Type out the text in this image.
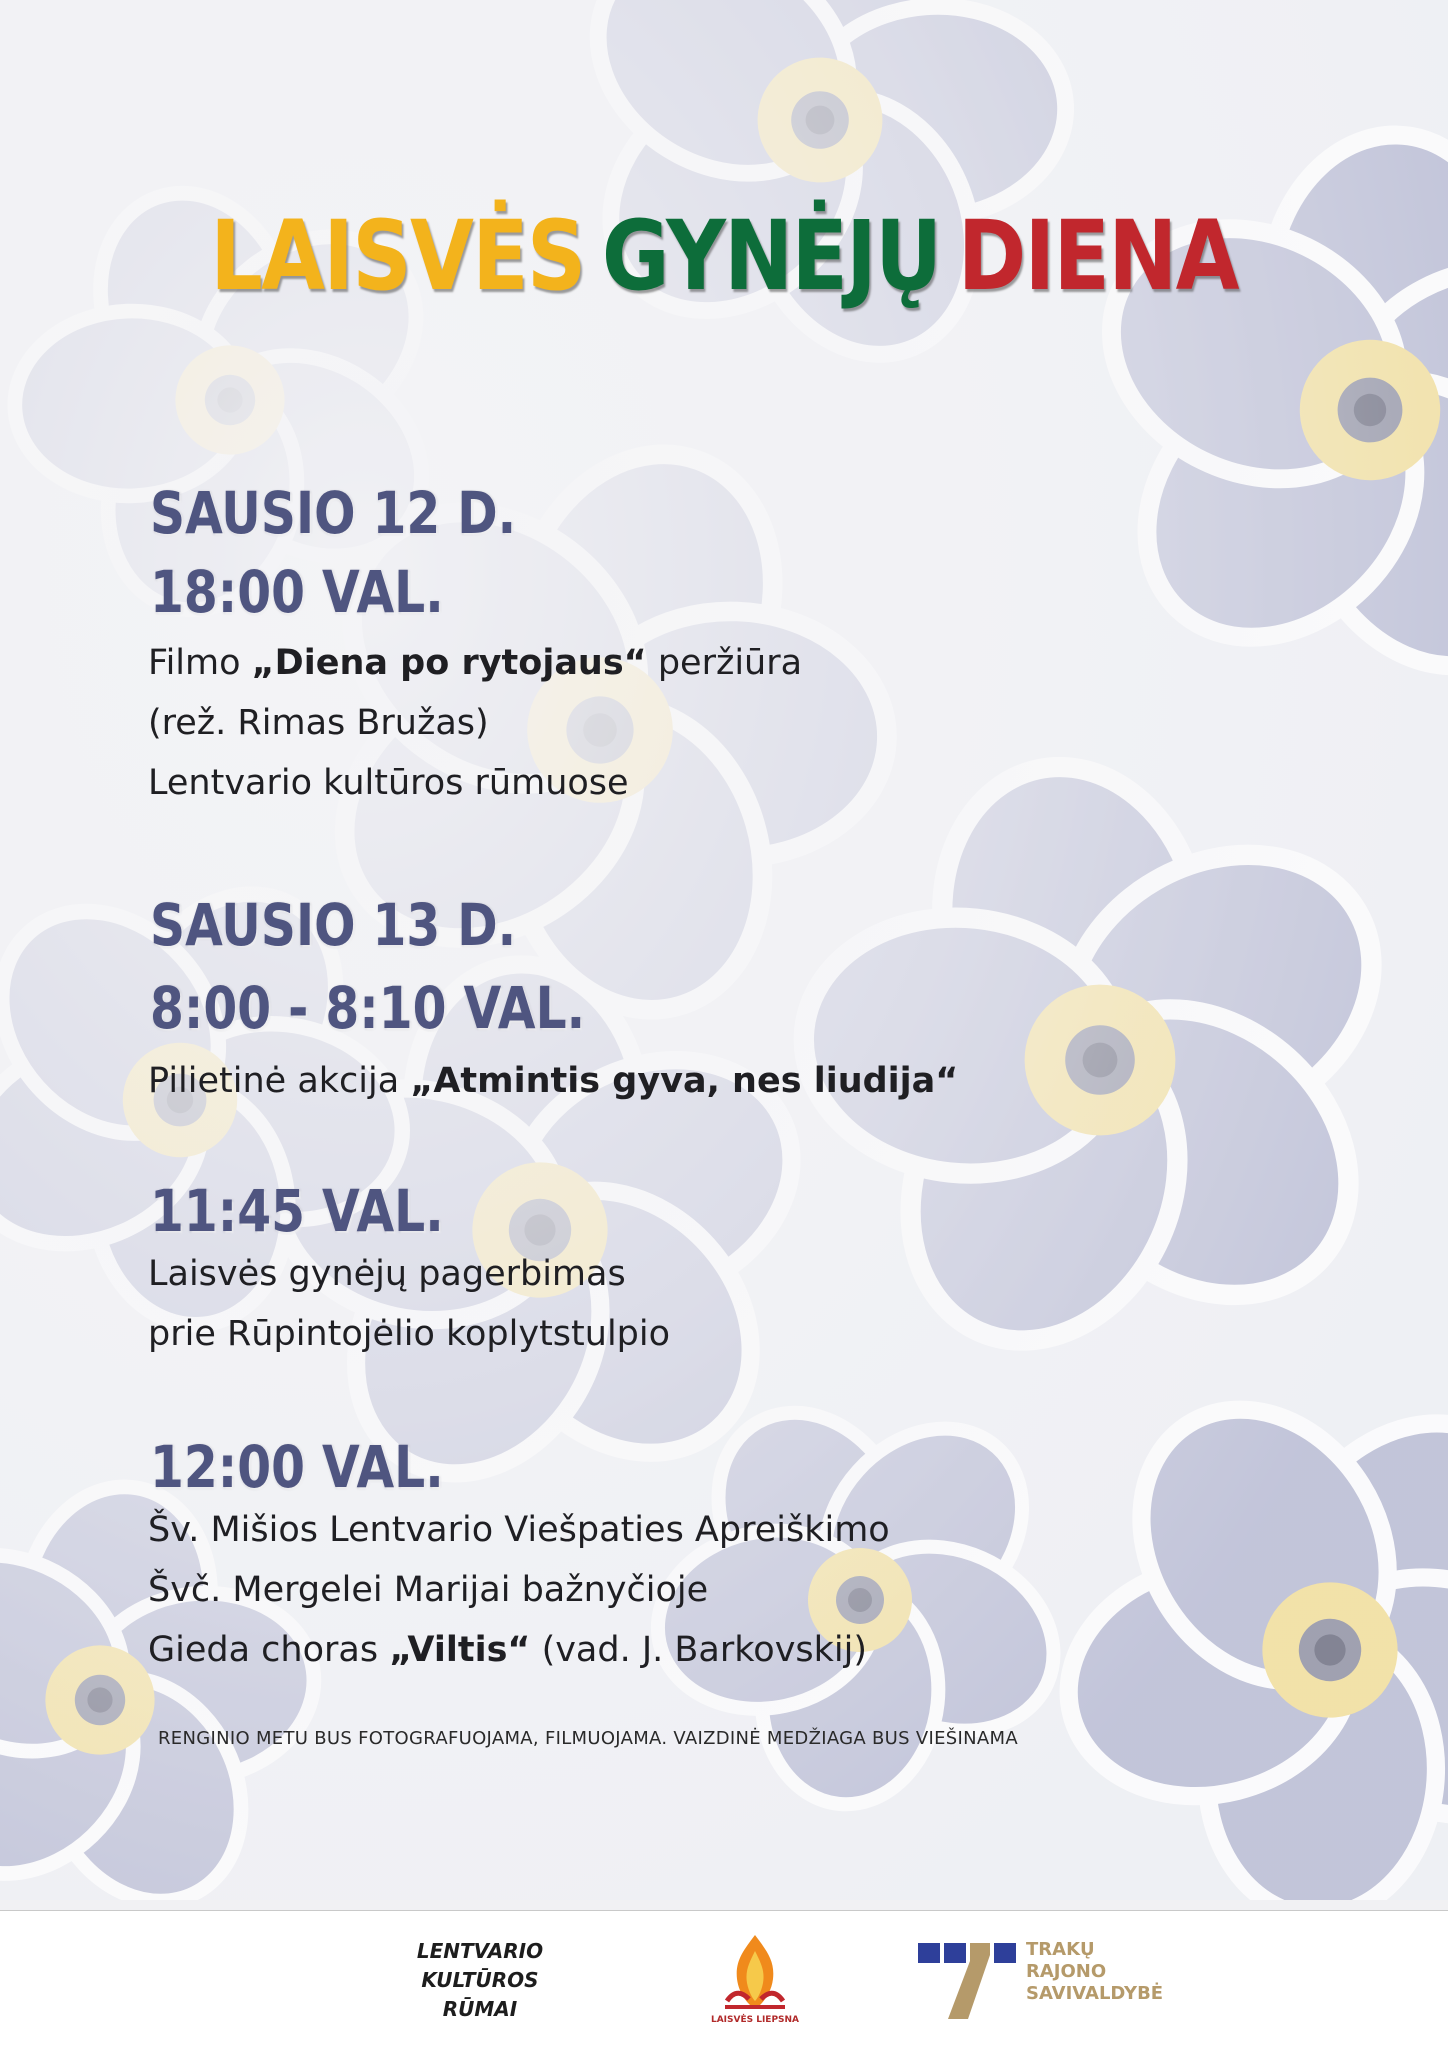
LAISVĖS GYNĖJŲ DIENA
SAUSIO 12 D.
18:00 VAL.
Filmo „Diena po rytojaus“ peržiūra
(rež. Rimas Bružas)
Lentvario kultūros rūmuose
SAUSIO 13 D.
8:00 - 8:10 VAL.
Pilietinė akcija „Atmintis gyva, nes liudija“
11:45 VAL.
Laisvės gynėjų pagerbimas
prie Rūpintojėlio koplytstulpio
12:00 VAL.
Šv. Mišios Lentvario Viešpaties Apreiškimo
Švč. Mergelei Marijai bažnyčioje
Gieda choras „Viltis“ (vad. J. Barkovskij)
RENGINIO METU BUS FOTOGRAFUOJAMA, FILMUOJAMA. VAIZDINĖ MEDŽIAGA BUS VIEŠINAMA
LENTVARIO
KULTŪROS
RŪMAI	LAISVĖS LIEPSNA
TRAKŲ
RAJONO
SAVIVALDYBĖ
